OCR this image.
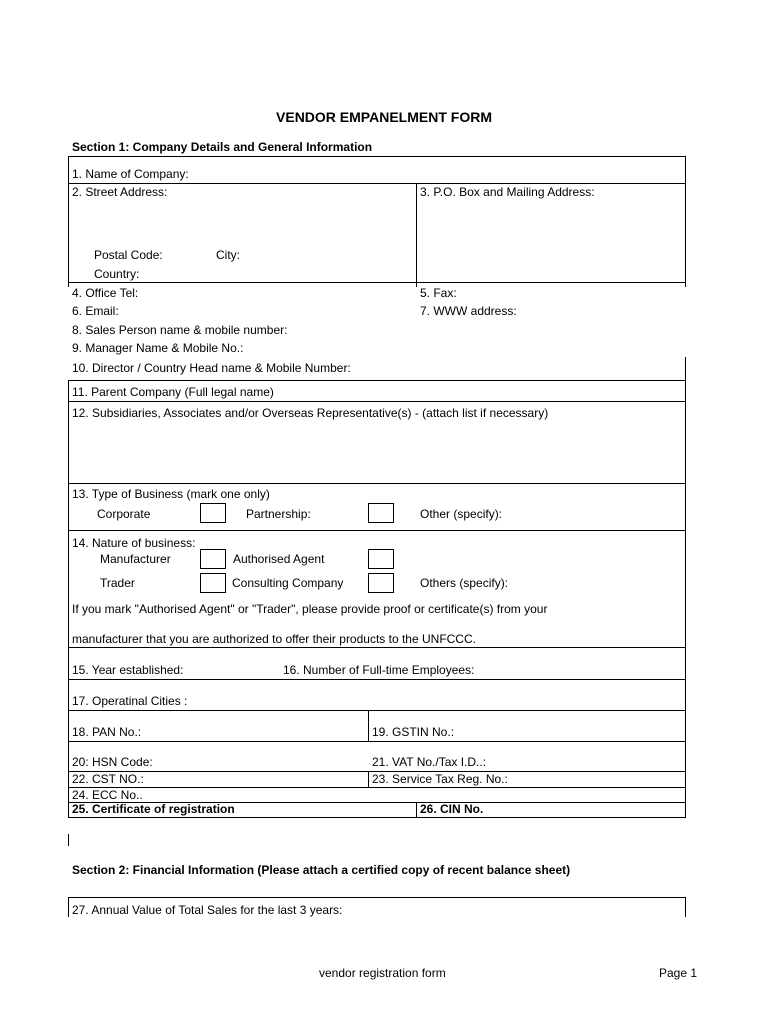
VENDOR EMPANELMENT FORM
Section 1: Company Details and General Information
1. Name of Company:
2. Street Address:	3. P.O. Box and Mailing Address:
Postal Code:	City:
Country:
4. Office Tel:	5. Fax:
6. Email:	7. WWW address:
8. Sales Person name & mobile number:
9. Manager Name & Mobile No.:
10. Director / Country Head name & Mobile Number:
11. Parent Company (Full legal name)
12. Subsidiaries, Associates and/or Overseas Representative(s) - (attach list if necessary)
13. Type of Business (mark one only)
Corporate	Partnership:	Other (specify):
14. Nature of business:
Manufacturer	Authorised Agent
Trader	Consulting Company	Others (specify):
If you mark "Authorised Agent" or "Trader", please provide proof or certificate(s) from your
manufacturer that you are authorized to offer their products to the UNFCCC.
15. Year established:	16. Number of Full-time Employees:
17. Operatinal Cities :
18. PAN No.:	19. GSTIN No.:
20: HSN Code:	21. VAT No./Tax I.D..:
22. CST NO.:	23. Service Tax Reg. No.:
24. ECC No..
25. Certificate of registration	26. CIN No.
Section 2: Financial Information (Please attach a certified copy of recent balance sheet)
27. Annual Value of Total Sales for the last 3 years:
vendor registration form	Page 1
